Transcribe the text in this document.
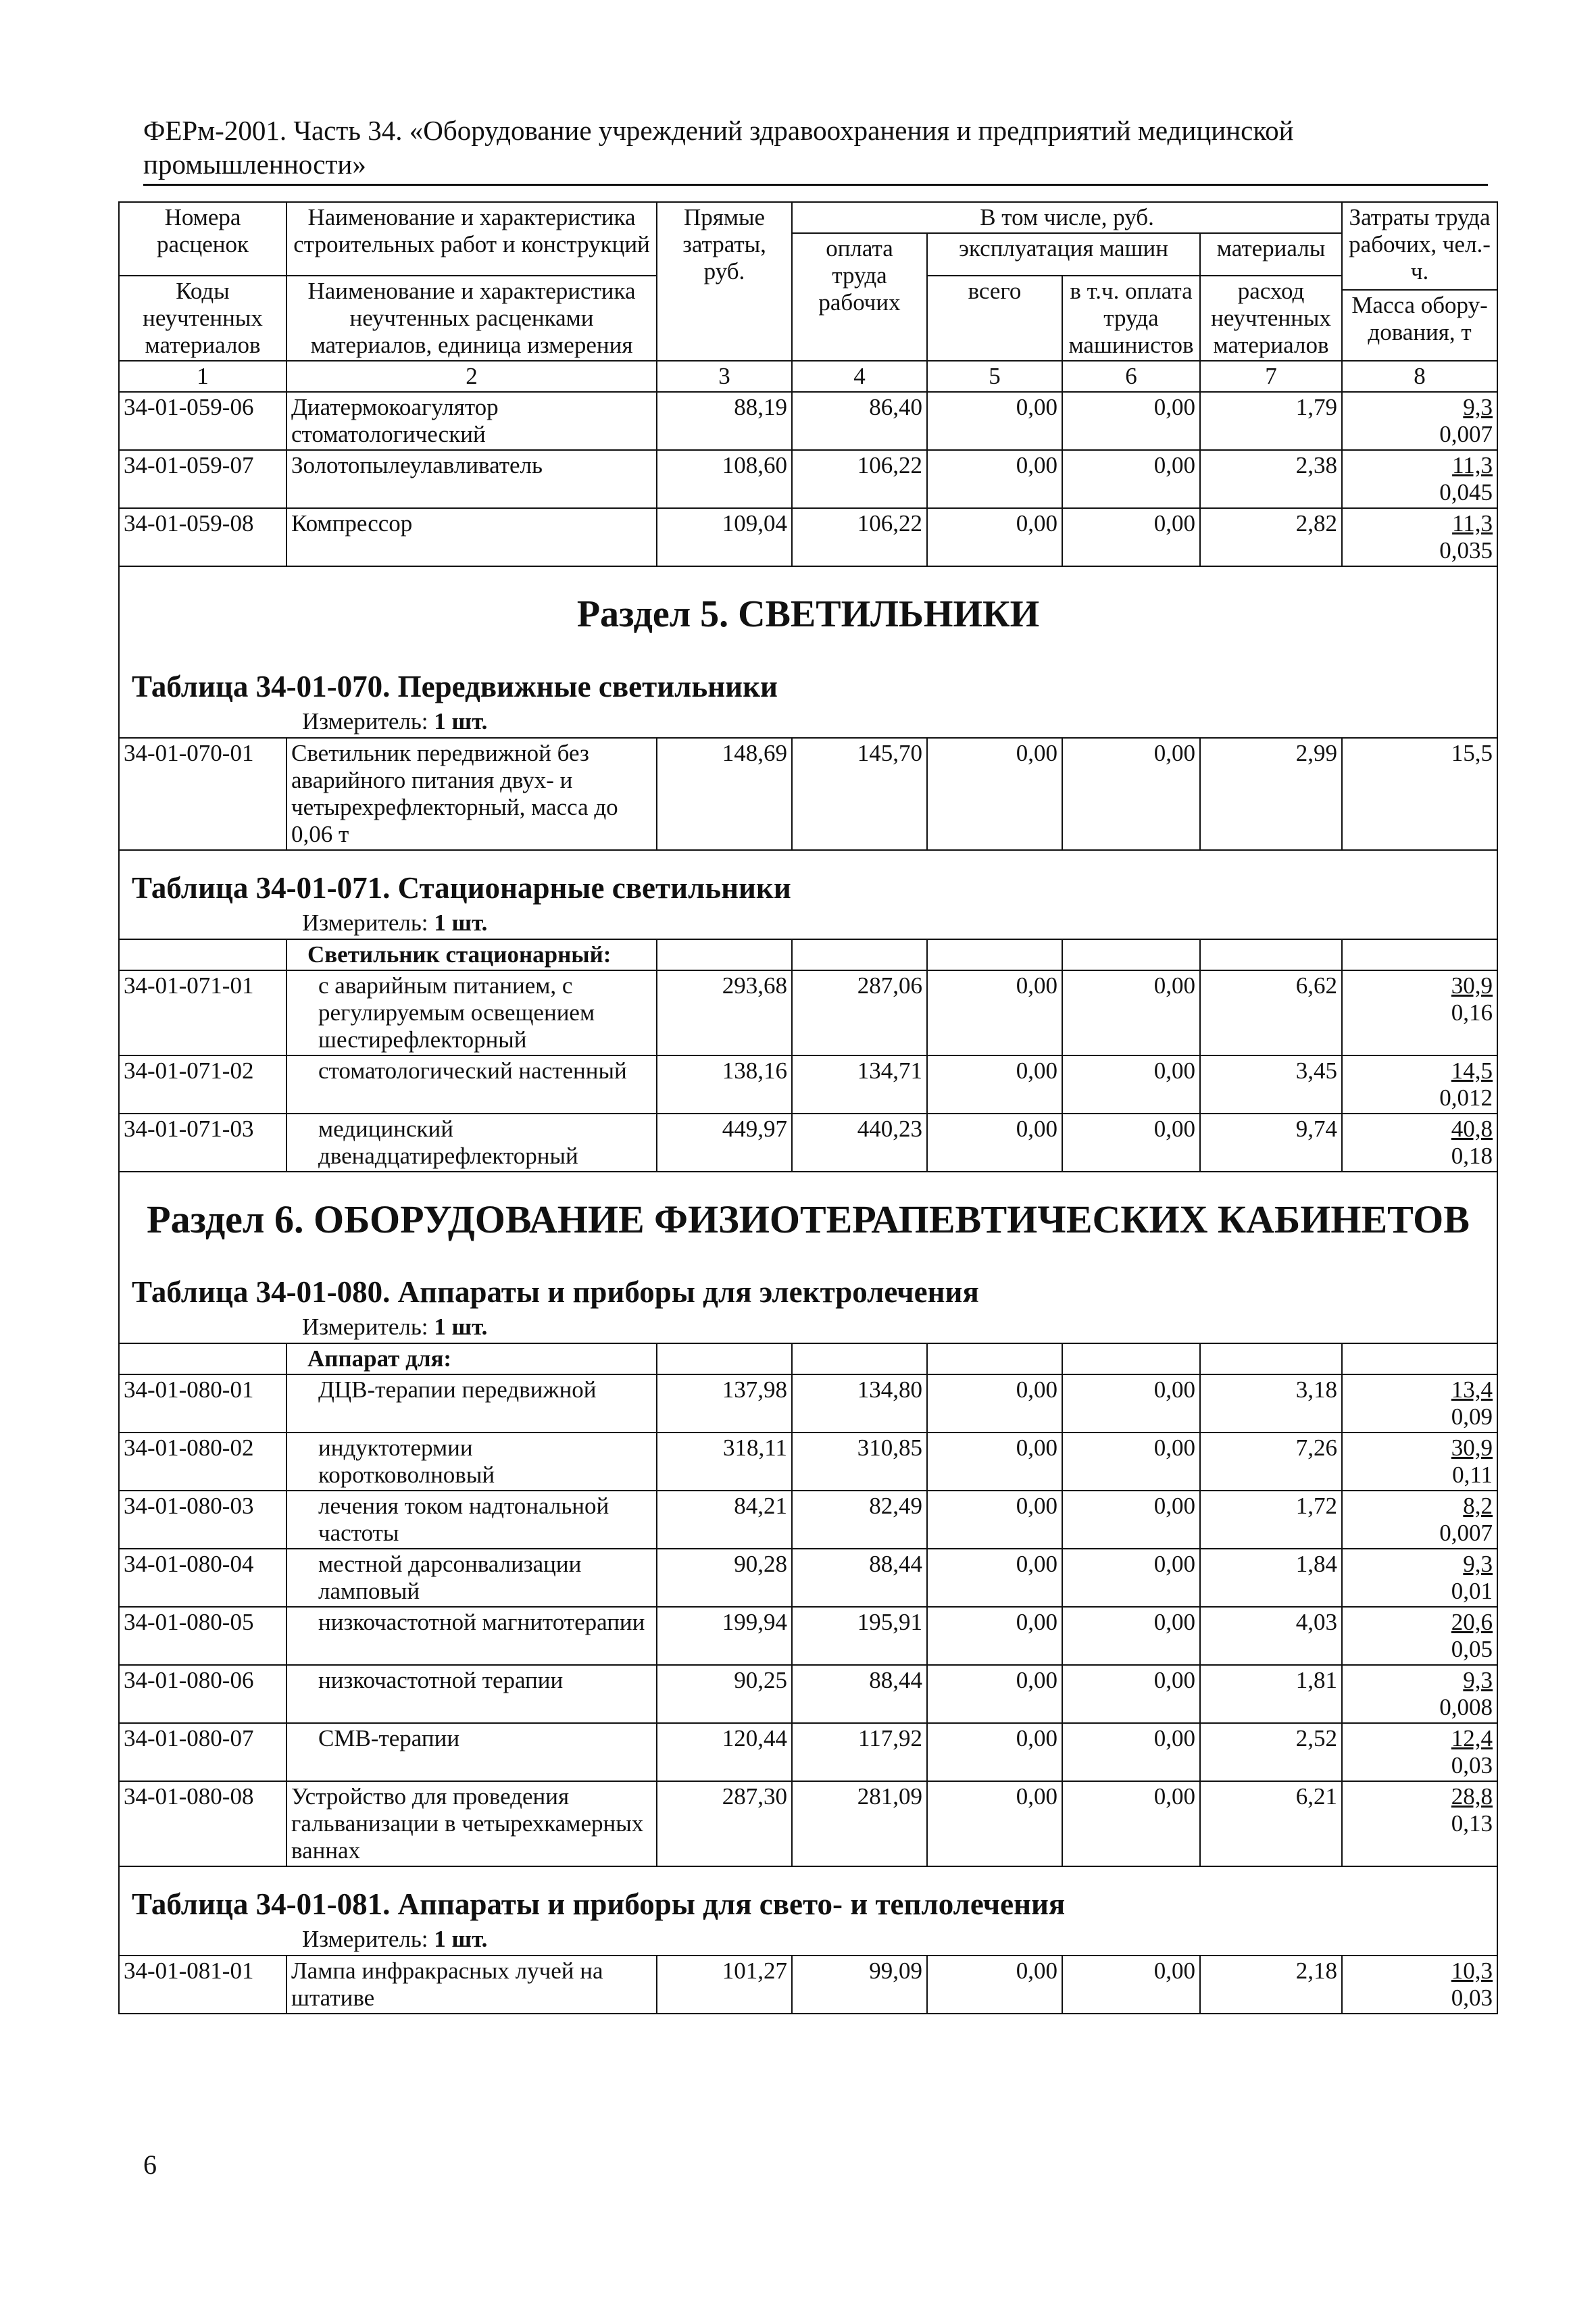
ФЕРм-2001. Часть 34. «Оборудование учреждений здравоохранения и предприятий медицинской
промышленности»
Номера расценок	Наименование и характеристика строительных работ и конструкций	Прямые затраты, руб.	В том числе, руб.				Затраты труда рабочих, чел.-ч.
			оплата труда рабочих	эксплуатация машин		материалы	
Коды неучтенных материалов	Наименование и характеристика неучтенных расценками материалов, единица измерения			всего	в т.ч. оплата труда машинистов	расход неучтенных материалов	
							Масса обору-дования, т
1	2	3	4	5	6	7	8
34-01-059-06	Диатермокоагулятор стоматологический	88,19	86,40	0,00	0,00	1,79	9,3
0,007
34-01-059-07	Золотопылеулавливатель	108,60	106,22	0,00	0,00	2,38	11,3
0,045
34-01-059-08	Компрессор	109,04	106,22	0,00	0,00	2,82	11,3
0,035

Раздел 5. СВЕТИЛЬНИКИ
Таблица 34-01-070. Передвижные светильники
Измеритель: 1 шт.							

34-01-070-01	Светильник передвижной без аварийного питания двух- и четырехрефлекторный, масса до 0,06 т	148,69	145,70	0,00	0,00	2,99	15,5

Таблица 34-01-071. Стационарные светильники
Измеритель: 1 шт.							

	Светильник стационарный:						
34-01-071-01	с аварийным питанием, с регулируемым освещением шестирефлекторный	293,68	287,06	0,00	0,00	6,62	30,9
0,16
34-01-071-02	стоматологический настенный	138,16	134,71	0,00	0,00	3,45	14,5
0,012
34-01-071-03	медицинский двенадцатирефлекторный	449,97	440,23	0,00	0,00	9,74	40,8
0,18

Раздел 6. ОБОРУДОВАНИЕ ФИЗИОТЕРАПЕВТИЧЕСКИХ КАБИНЕТОВ
Таблица 34-01-080. Аппараты и приборы для электролечения
Измеритель: 1 шт.							

	Аппарат для:						
34-01-080-01	ДЦВ-терапии передвижной	137,98	134,80	0,00	0,00	3,18	13,4
0,09
34-01-080-02	индуктотермии коротковолновый	318,11	310,85	0,00	0,00	7,26	30,9
0,11
34-01-080-03	лечения током надтональной частоты	84,21	82,49	0,00	0,00	1,72	8,2
0,007
34-01-080-04	местной дарсонвализации ламповый	90,28	88,44	0,00	0,00	1,84	9,3
0,01
34-01-080-05	низкочастотной магнитотерапии	199,94	195,91	0,00	0,00	4,03	20,6
0,05
34-01-080-06	низкочастотной терапии	90,25	88,44	0,00	0,00	1,81	9,3
0,008
34-01-080-07	СМВ-терапии	120,44	117,92	0,00	0,00	2,52	12,4
0,03
34-01-080-08	Устройство для проведения гальванизации в четырехкамерных ваннах	287,30	281,09	0,00	0,00	6,21	28,8
0,13

Таблица 34-01-081. Аппараты и приборы для свето- и теплолечения
Измеритель: 1 шт.							

34-01-081-01	Лампа инфракрасных лучей на штативе	101,27	99,09	0,00	0,00	2,18	10,3
0,03
6
